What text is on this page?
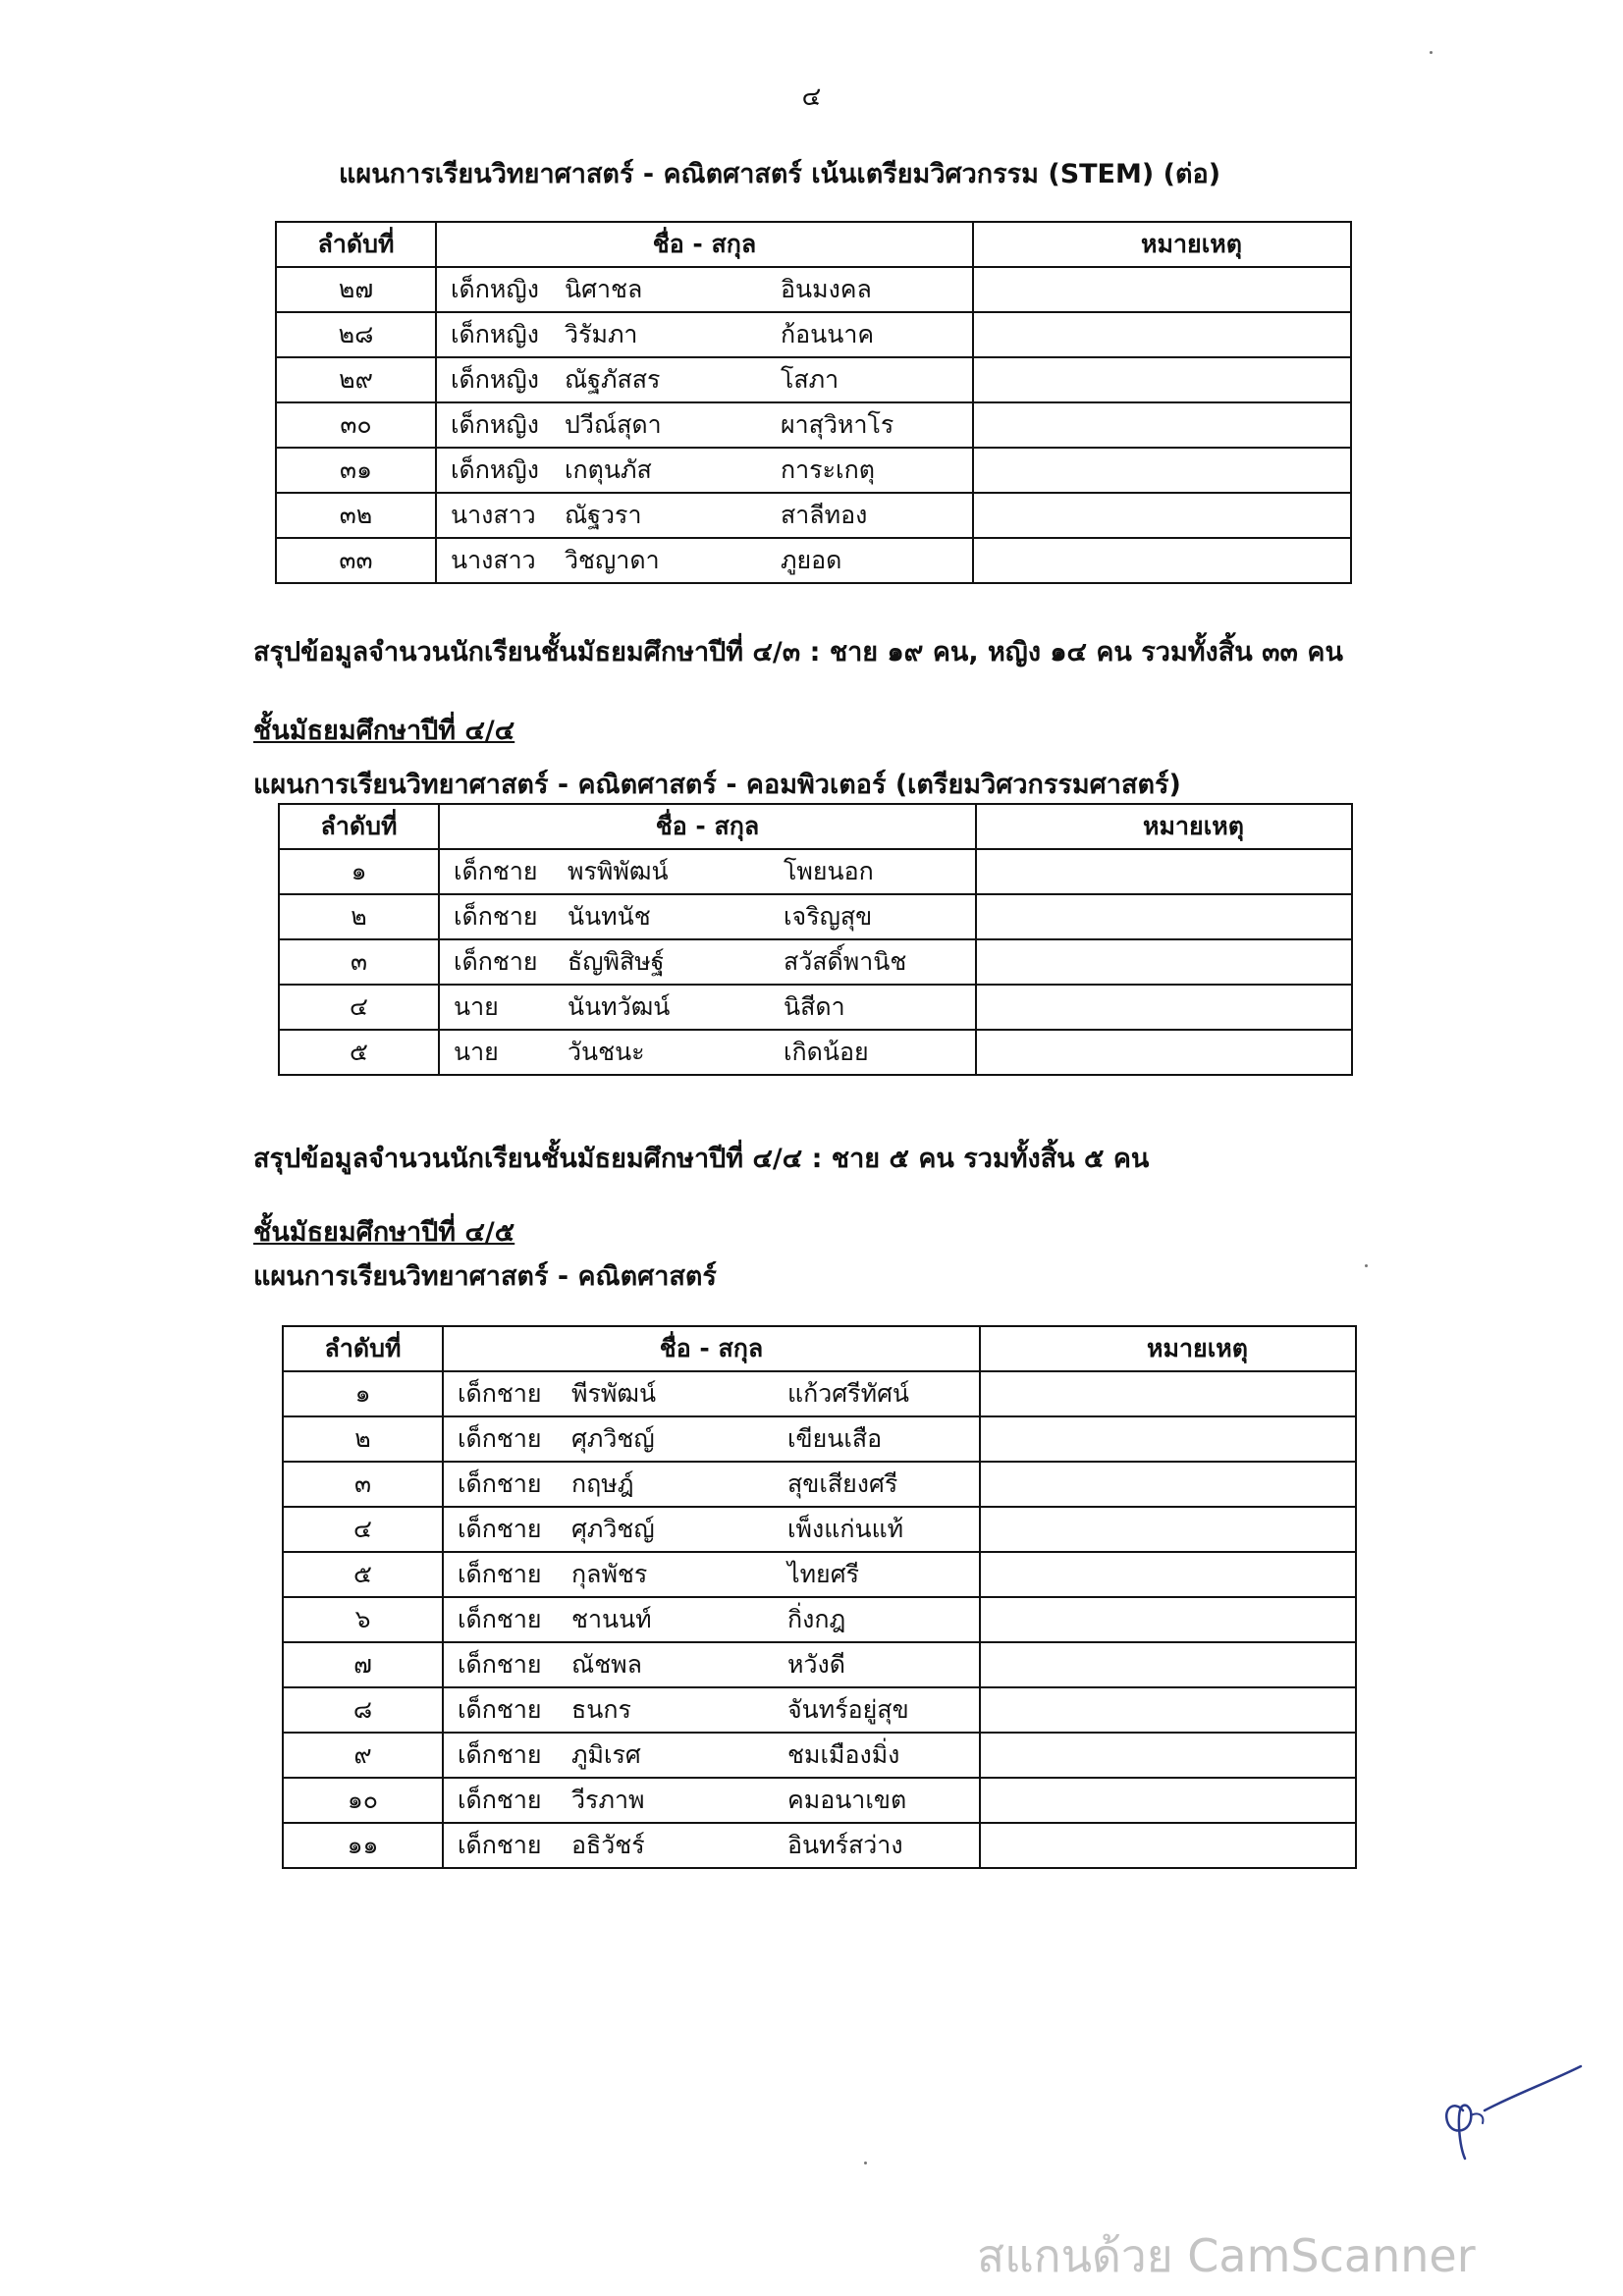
๔
แผนการเรียนวิทยาศาสตร์ - คณิตศาสตร์ เน้นเตรียมวิศวกรรม (STEM) (ต่อ)
ลำดับที่	ชื่อ - สกุล	หมายเหตุ
๒๗	เด็กหญิง นิศาชล อินมงคล	

๒๘	เด็กหญิง วิรัมภา ก้อนนาค	

๒๙	เด็กหญิง ณัฐภัสสร โสภา	

๓๐	เด็กหญิง ปวีณ์สุดา ผาสุวิหาโร	

๓๑	เด็กหญิง เกตุนภัส การะเกตุ	

๓๒	นางสาว ณัฐวรา สาลีทอง	

๓๓	นางสาว วิชญาดา ภูยอด	

สรุปข้อมูลจำนวนนักเรียนชั้นมัธยมศึกษาปีที่ ๔/๓ : ชาย ๑๙ คน, หญิง ๑๔ คน รวมทั้งสิ้น ๓๓ คน
ชั้นมัธยมศึกษาปีที่ ๔/๔
แผนการเรียนวิทยาศาสตร์ - คณิตศาสตร์ - คอมพิวเตอร์ (เตรียมวิศวกรรมศาสตร์)
ลำดับที่	ชื่อ - สกุล	หมายเหตุ
๑	เด็กชาย พรพิพัฒน์ โพยนอก	

๒	เด็กชาย นันทนัช เจริญสุข	

๓	เด็กชาย ธัญพิสิษฐ์ สวัสดิ์พานิช	

๔	นาย นันทวัฒน์ นิสีดา	

๕	นาย วันชนะ เกิดน้อย	

สรุปข้อมูลจำนวนนักเรียนชั้นมัธยมศึกษาปีที่ ๔/๔ : ชาย ๕ คน รวมทั้งสิ้น ๕ คน
ชั้นมัธยมศึกษาปีที่ ๔/๕
แผนการเรียนวิทยาศาสตร์ - คณิตศาสตร์
ลำดับที่	ชื่อ - สกุล	หมายเหตุ
๑	เด็กชาย พีรพัฒน์ แก้วศรีทัศน์	

๒	เด็กชาย ศุภวิชญ์ เขียนเสือ	

๓	เด็กชาย กฤษฎ์ สุขเสียงศรี	

๔	เด็กชาย ศุภวิชญ์ เพ็งแก่นแท้	

๕	เด็กชาย กุลพัชร ไทยศรี	

๖	เด็กชาย ชานนท์ กิ่งกฎ	

๗	เด็กชาย ณัชพล หวังดี	

๘	เด็กชาย ธนกร จันทร์อยู่สุข	

๙	เด็กชาย ภูมิเรศ ชมเมืองมิ่ง	

๑๐	เด็กชาย วีรภาพ คมอนาเขต	

๑๑	เด็กชาย อธิวัชร์ อินทร์สว่าง	

สแกนด้วย CamScanner
